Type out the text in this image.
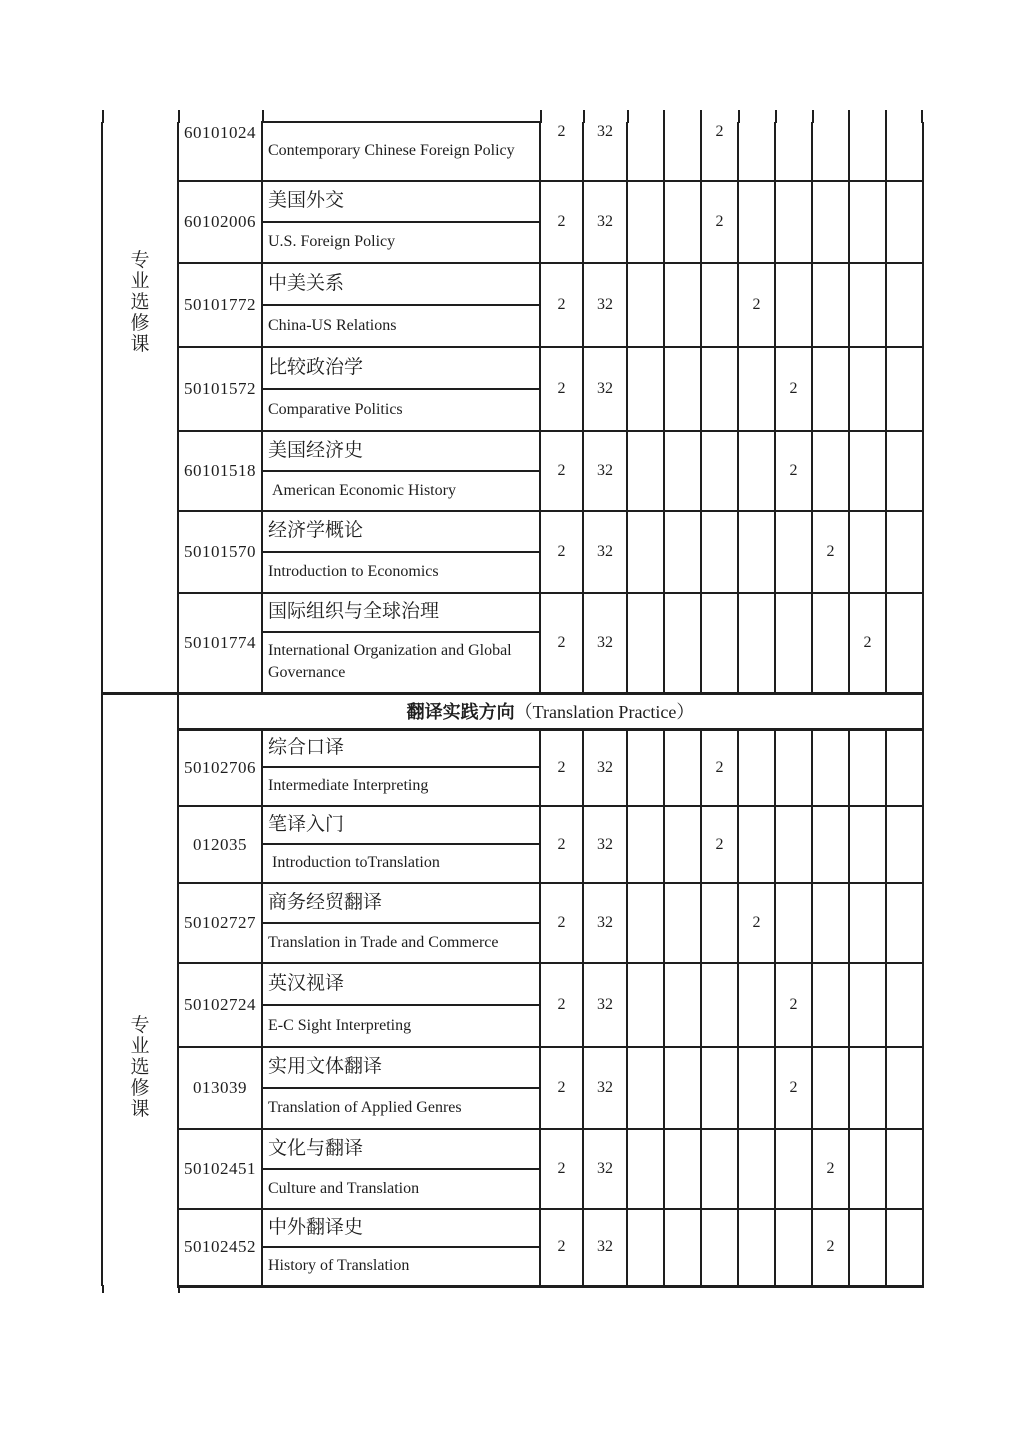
专业选修课	60101024	Contemporary Chinese Foreign Policy	2	32			2					
	60102006	美国外交	2	32			2					
		U.S. Foreign Policy										
	50101772	中美关系	2	32				2				
		China-US Relations										
	50101572	比较政治学	2	32					2			
		Comparative Politics										
	60101518	美国经济史	2	32					2			
		American Economic History										
	50101570	经济学概论	2	32						2		
		Introduction to Economics										
	50101774	国际组织与全球治理	2	32							2	
		International Organization and Global Governance										

专业选修课	翻译实践方向（Translation Practice）											
	50102706	综合口译	2	32			2					
		Intermediate Interpreting										
	012035	笔译入门	2	32			2					
		Introduction toTranslation										
	50102727	商务经贸翻译	2	32				2				
		Translation in Trade and Commerce										
	50102724	英汉视译	2	32					2			
		E-C Sight Interpreting										
	013039	实用文体翻译	2	32					2			
		Translation of Applied Genres										
	50102451	文化与翻译	2	32						2		
		Culture and Translation										
	50102452	中外翻译史	2	32						2		
		History of Translation										
